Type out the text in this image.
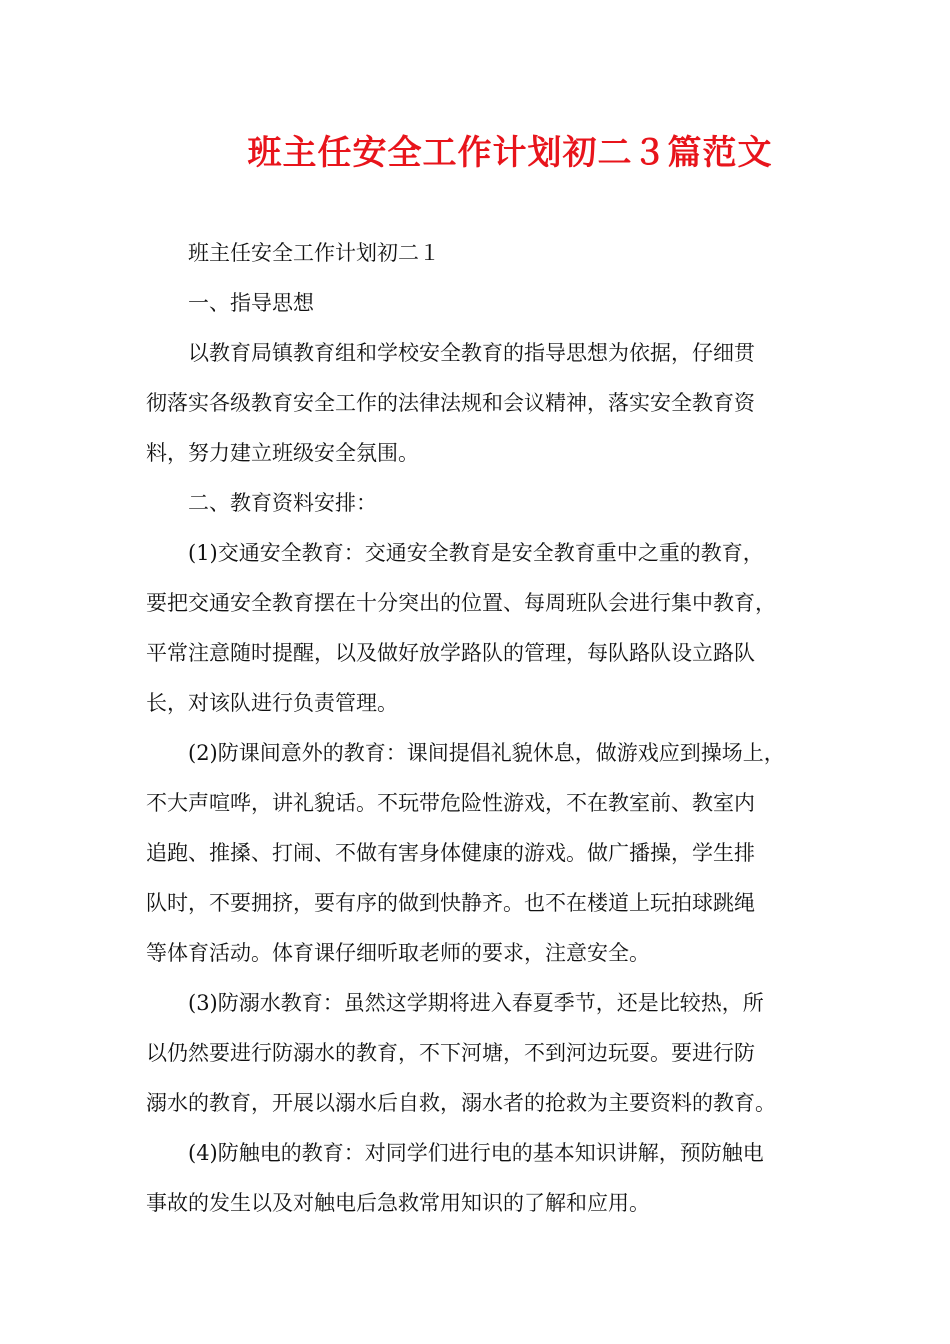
班主任安全工作计划初二３篇范文
班主任安全工作计划初二１
一、指导思想
以教育局镇教育组和学校安全教育的指导思想为依据，仔细贯
彻落实各级教育安全工作的法律法规和会议精神，落实安全教育资
料，努力建立班级安全氛围。
二、教育资料安排：
(1)交通安全教育：交通安全教育是安全教育重中之重的教育，
要把交通安全教育摆在十分突出的位置、每周班队会进行集中教育，
平常注意随时提醒，以及做好放学路队的管理，每队路队设立路队
长，对该队进行负责管理。
(2)防课间意外的教育：课间提倡礼貌休息，做游戏应到操场上，
不大声喧哗，讲礼貌话。不玩带危险性游戏，不在教室前、教室内
追跑、推搡、打闹、不做有害身体健康的游戏。做广播操，学生排
队时，不要拥挤，要有序的做到快静齐。也不在楼道上玩拍球跳绳
等体育活动。体育课仔细听取老师的要求，注意安全。
(3)防溺水教育：虽然这学期将进入春夏季节，还是比较热，所
以仍然要进行防溺水的教育，不下河塘，不到河边玩耍。要进行防
溺水的教育，开展以溺水后自救，溺水者的抢救为主要资料的教育。
(4)防触电的教育：对同学们进行电的基本知识讲解，预防触电
事故的发生以及对触电后急救常用知识的了解和应用。
